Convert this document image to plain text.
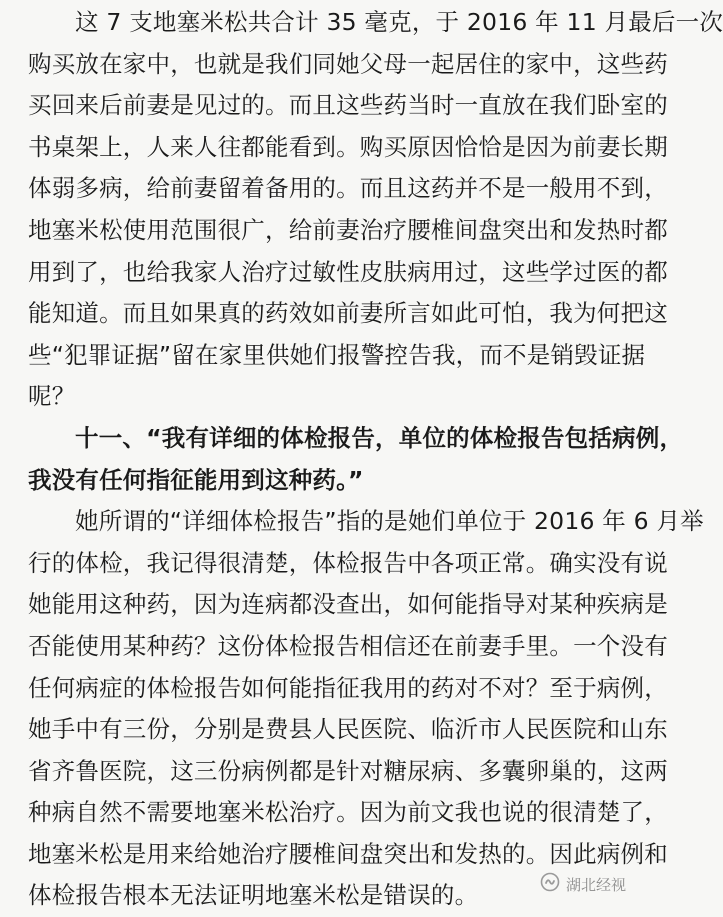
这 7 支地塞米松共合计 35 毫克，于 2016 年 11 月最后一次
购买放在家中，也就是我们同她父母一起居住的家中，这些药
买回来后前妻是见过的。而且这些药当时一直放在我们卧室的
书桌架上，人来人往都能看到。购买原因恰恰是因为前妻长期
体弱多病，给前妻留着备用的。而且这药并不是一般用不到，
地塞米松使用范围很广，给前妻治疗腰椎间盘突出和发热时都
用到了，也给我家人治疗过敏性皮肤病用过，这些学过医的都
能知道。而且如果真的药效如前妻所言如此可怕，我为何把这
些“犯罪证据”留在家里供她们报警控告我，而不是销毁证据
呢？
十一、“我有详细的体检报告，单位的体检报告包括病例，
我没有任何指征能用到这种药。”
她所谓的“详细体检报告”指的是她们单位于 2016 年 6 月举
行的体检，我记得很清楚，体检报告中各项正常。确实没有说
她能用这种药，因为连病都没查出，如何能指导对某种疾病是
否能使用某种药？这份体检报告相信还在前妻手里。一个没有
任何病症的体检报告如何能指征我用的药对不对？至于病例，
她手中有三份，分别是费县人民医院、临沂市人民医院和山东
省齐鲁医院，这三份病例都是针对糖尿病、多囊卵巢的，这两
种病自然不需要地塞米松治疗。因为前文我也说的很清楚了，
地塞米松是用来给她治疗腰椎间盘突出和发热的。因此病例和
体检报告根本无法证明地塞米松是错误的。	湖北经视
